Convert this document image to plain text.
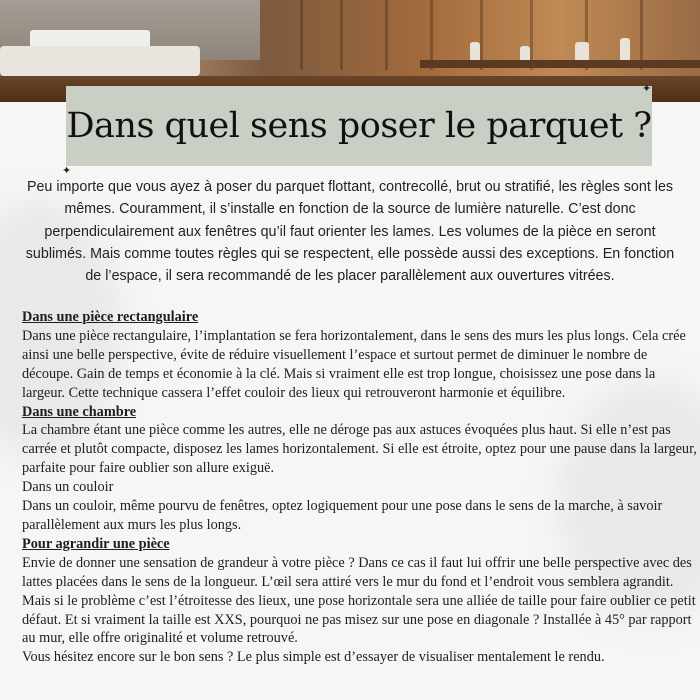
Dans quel sens poser le parquet ?
✦
✦

Peu importe que vous ayez à poser du parquet flottant, contrecollé, brut ou stratifié, les règles sont les mêmes. Couramment, il s’installe en fonction de la source de lumière naturelle. C’est donc perpendiculairement aux fenêtres qu’il faut orienter les lames. Les volumes de la pièce en seront sublimés. Mais comme toutes règles qui se respectent, elle possède aussi des exceptions. En fonction de l’espace, il sera recommandé de les placer parallèlement aux ouvertures vitrées.

Dans une pièce rectangulaire

Dans une pièce rectangulaire, l’implantation se fera horizontalement, dans le sens des murs les plus longs. Cela crée ainsi une belle perspective, évite de réduire visuellement l’espace et surtout permet de diminuer le nombre de découpe. Gain de temps et économie à la clé. Mais si vraiment elle est trop longue, choisissez une pose dans la largeur. Cette technique cassera l’effet couloir des lieux qui retrouveront harmonie et équilibre.

Dans une chambre

La chambre étant une pièce comme les autres, elle ne déroge pas aux astuces évoquées plus haut. Si elle n’est pas carrée et plutôt compacte, disposez les lames horizontalement. Si elle est étroite, optez pour une pause dans la largeur, parfaite pour faire oublier son allure exiguë.

Dans un couloir

Dans un couloir, même pourvu de fenêtres, optez logiquement pour une pose dans le sens de la marche, à savoir parallèlement aux murs les plus longs.

Pour agrandir une pièce

Envie de donner une sensation de grandeur à votre pièce ? Dans ce cas il faut lui offrir une belle perspective avec des lattes placées dans le sens de la longueur. L’œil sera attiré vers le mur du fond et l’endroit vous semblera agrandit.

Mais si le problème c’est l’étroitesse des lieux, une pose horizontale sera une alliée de taille pour faire oublier ce petit défaut. Et si vraiment la taille est XXS, pourquoi ne pas misez sur une pose en diagonale ? Installée à 45° par rapport au mur, elle offre originalité et volume retrouvé.

Vous hésitez encore sur le bon sens ? Le plus simple est d’essayer de visualiser mentalement le rendu.
